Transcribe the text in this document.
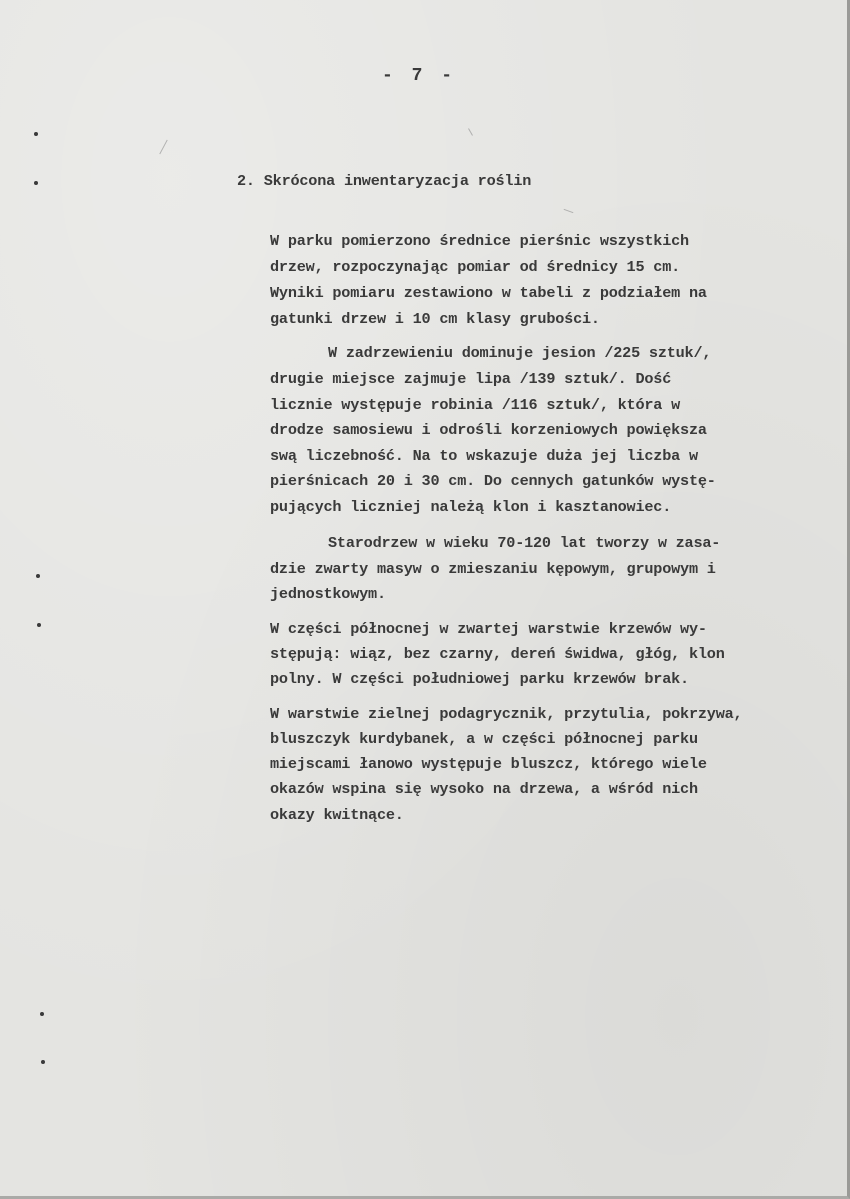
- 7 -
2. Skrócona inwentaryzacja roślin
W parku pomierzono średnice pierśnic wszystkich
drzew, rozpoczynając pomiar od średnicy 15 cm.
Wyniki pomiaru zestawiono w tabeli z podziałem na
gatunki drzew i 10 cm klasy grubości.
W zadrzewieniu dominuje jesion /225 sztuk/,
drugie miejsce zajmuje lipa /139 sztuk/. Dość
licznie występuje robinia /116 sztuk/, która w
drodze samosiewu i odrośli korzeniowych powiększa
swą liczebność. Na to wskazuje duża jej liczba w
pierśnicach 20 i 30 cm. Do cennych gatunków wystę-
pujących liczniej należą klon i kasztanowiec.
Starodrzew w wieku 70-120 lat tworzy w zasa-
dzie zwarty masyw o zmieszaniu kępowym, grupowym i
jednostkowym.
W części północnej w zwartej warstwie krzewów wy-
stępują: wiąz, bez czarny, dereń świdwa, głóg, klon
polny. W części południowej parku krzewów brak.
W warstwie zielnej podagrycznik, przytulia, pokrzywa,
bluszczyk kurdybanek, a w części północnej parku
miejscami łanowo występuje bluszcz, którego wiele
okazów wspina się wysoko na drzewa, a wśród nich
okazy kwitnące.
